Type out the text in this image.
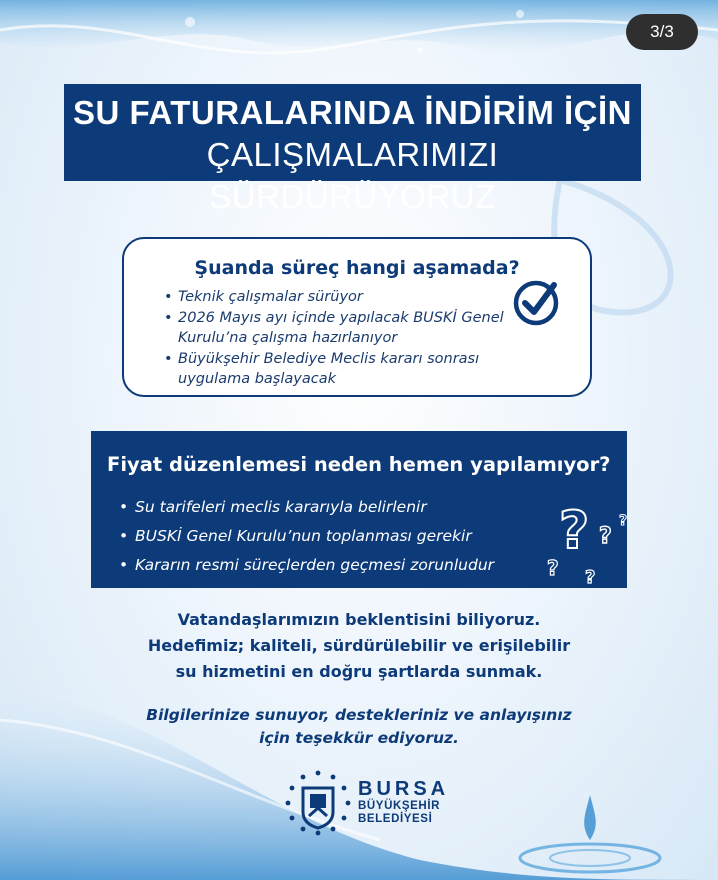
3/3
SU FATURALARINDA İNDİRİM İÇİN
ÇALIŞMALARIMIZI SÜRDÜRÜYORUZ
Şuanda süreç hangi aşamada?
• Teknik çalışmalar sürüyor
• 2026 Mayıs ayı içinde yapılacak BUSKİ Genel Kurulu’na çalışma hazırlanıyor
• Büyükşehir Belediye Meclis kararı sonrası uygulama başlayacak
Fiyat düzenlemesi neden hemen yapılamıyor?
• Su tarifeleri meclis kararıyla belirlenir
• BUSKİ Genel Kurulu’nun toplanması gerekir
• Kararın resmi süreçlerden geçmesi zorunludur
? ?
?
? ?
Vatandaşlarımızın beklentisini biliyoruz.
Hedefimiz; kaliteli, sürdürülebilir ve erişilebilir
su hizmetini en doğru şartlarda sunmak.
Bilgilerinize sunuyor, destekleriniz ve anlayışınız
için teşekkür ediyoruz.
BURSA
BÜYÜKŞEHİR
BELEDİYESİ
